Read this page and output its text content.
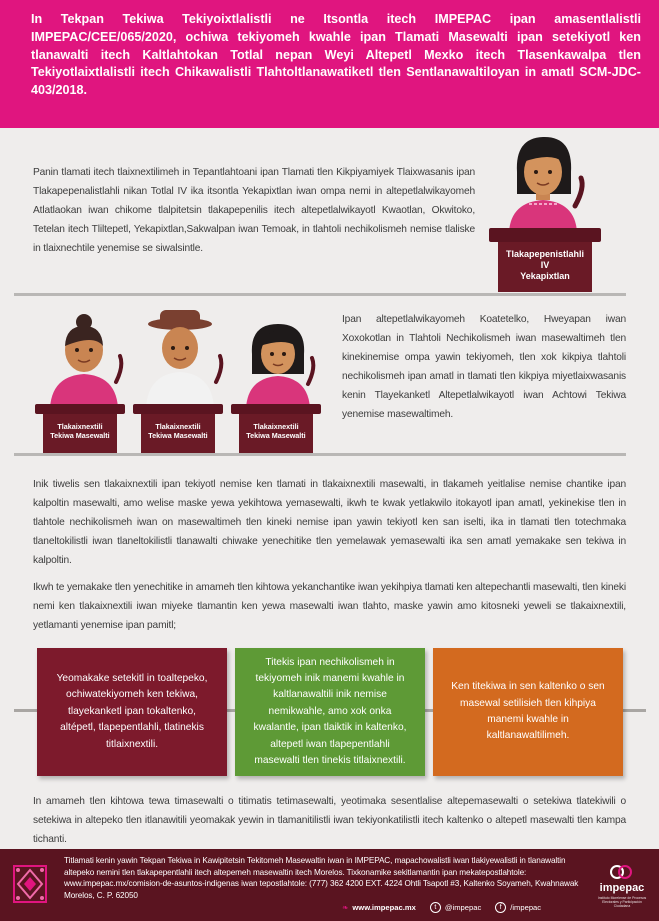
In Tekpan Tekiwa Tekiyoixtlalistli ne Itsontla itech IMPEPAC ipan amasentlalistli IMPEPAC/CEE/065/2020, ochiwa tekiyomeh kwahle ipan Tlamati Masewalti ipan setekiyotl ken tlanawalti itech Kaltlahtokan Totlal nepan Weyi Altepetl Mexko itech Tlasenkawalpa tlen Tekiyotlaixtlalistli itech Chikawalistli Tlahtoltlanawatiketl tlen Sentlanawaltiloyan in amatl SCM-JDC-403/2018.

Panin tlamati itech tlaixnextilimeh in Tepantlahtoani ipan Tlamati tlen Kikpiyamiyek Tlaixwasanis ipan Tlakapepenalistlahli nikan Totlal IV ika itsontla Yekapixtlan iwan ompa nemi in altepetlalwikayomeh Atlatlaokan iwan chikome tlalpitetsin tlakapepenilis itech altepetlalwikayotl Kwaotlan, Okwitoko, Tetelan itech Tliltepetl, Yekapixtlan,Sakwalpan iwan Temoak, in tlahtoli nechikolismeh nemise tlaliske in tlaixnechtile yenemise se siwalsintle.	Tlakapepenistlahli
IV
Yekapixtlan
Tlakaixnextili
Tekiwa Masewalti
Tlakaixnextili
Tekiwa Masewalti
Tlakaixnextili
Tekiwa Masewalti

Ipan altepetlalwikayomeh Koatetelko, Hweyapan iwan Xoxokotlan in Tlahtoli Nechikolismeh iwan masewaltimeh tlen kinekinemise ompa yawin tekiyomeh, tlen xok kikpiya tlahtoli nechikolismeh ipan amatl in tlamati tlen kikpiya miyetlaixwasanis kenin Tlayekanketl Altepetlalwikayotl iwan Achtowi Tekiwa yenemise masewaltimeh.

Inik tiwelis sen tlakaixnextili ipan tekiyotl nemise ken tlamati in tlakaixnextili masewalti, in tlakameh yeitlalise nemise chantike ipan kalpoltin masewalti, amo welise maske yewa yekihtowa yemasewalti, ikwh te kwak yetlakwilo itokayotl ipan amatl, yekinekise tlen in tlahtole nechikolismeh iwan on masewaltimeh tlen kineki nemise ipan yawin tekiyotl ken san iselti, ika in tlamati tlen totechmaka tlaneltokilistli iwan tlaneltokilistli tlanawalti chiwake yenechitike tlen yemelawak yemasewalti ika sen amatl yemakake sen tekiwa in kalpoltin.

Ikwh te yemakake tlen yenechitike in amameh tlen kihtowa yekanchantike iwan yekihpiya tlamati ken altepechantli masewalti, tlen kineki nemi ken tlakaixnextili iwan miyeke tlamantin ken yewa masewalti iwan tlahto, maske yawin amo kitosneki yeweli se tlakaixnextili, yetlamanti yenemise ipan pamitl;

Yeomakake setekitl in toaltepeko, ochiwatekiyomeh ken tekiwa, tlayekanketl ipan tokaltenko, altépetl, tlapepentlahli, tlatinekis titlaixnextili.
Titekis ipan nechikolismeh in tekiyomeh inik manemi kwahle in kaltlanawaltili inik nemise nemikwahle, amo xok onka kwalantle, ipan tlaiktik in kaltenko, altepetl iwan tlapepentlahli masewalti tlen tinekis titlaixnextili.
Ken titekiwa in sen kaltenko o sen masewal setilisieh tlen kihpiya manemi kwahle in kaltlanawaltilimeh.

In amameh tlen kihtowa tewa timasewalti o titimatis tetimasewalti, yeotimaka sesentlalise altepemasewalti o setekiwa tlatekiwili o setekiwa in altepeko tlen itlanawitili yeomakak yewin in tlamanitilistli iwan tekiyonkatilistli itech kaltenko o altepetl masewalti tlen kampa tichanti.

Titlamati kenin yawin Tekpan Tekiwa in Kawipitetsin Tekitomeh Masewaltin iwan in IMPEPAC, mapachowalistli iwan tlakiyewalistli in tlanawaltin altepeko nemini tlen tlakapepentlahli itech altepemeh masewaltin itech Morelos. Tixkonamike sekitlamantin ipan mekatepostlahtole: www.impepac.mx/comision-de-asuntos-indigenas iwan tepostlahtole: (777) 362 4200 EXT. 4224 Ohtli Tsapotl #3, Kaltenko Soyameh, Kwahnawak Morelos, C. P. 62050

❧ www.impepac.mx	t	@impepac	f	/impepac
impepac
Instituto Morelense de Procesos Electorales y Participación Ciudadana
